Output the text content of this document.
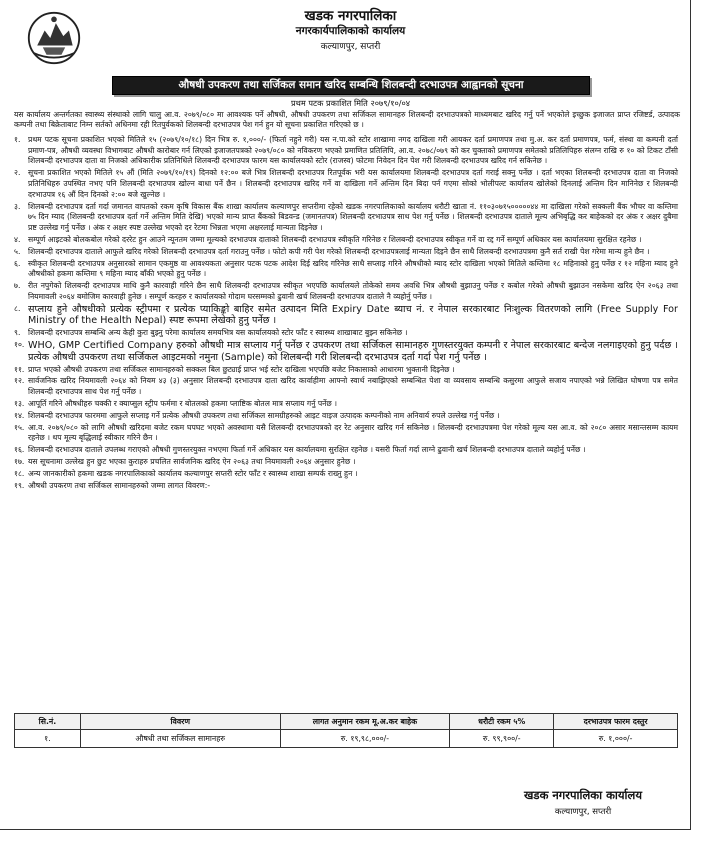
खडक नगरपालिका
नगरकार्यपालिकाको कार्यालय
कल्याणपुर, सप्तरी
औषधी उपकरण तथा सर्जिकल समान खरिद सम्बन्धि शिलबन्दी दरभाउपत्र आह्वानको सूचना
प्रथम पटक प्रकाशित मिति २०७९/१०/०४
यस कार्यालय अन्तर्गतका स्वास्थ्य संस्थाको लागि चालु आ.व. २०७९/०८० मा आवश्यक पर्ने औषधी, औषधी उपकरण तथा सर्जिकल सामानहरु शिलबन्दी दरभाउपत्रको माध्यमबाट खरिद गर्नु पर्ने भएकोले इच्छुक इजाजत प्राप्त रजिष्टर्ड, उत्पादक कम्पनी तथा बिक्रेताबाट निम्न सर्तको अधिनमा रही रितपुर्वकको शिलबन्दी दरभाउपत्र पेश गर्न हुन यो सूचना प्रकाशित गरिएको छ ।
१.	प्रथम पटक सूचना प्रकाशित भएको मितिले १५ (२०७९/१०/१८) दिन भित्र रु. १,०००/- (फिर्ता नहुने गरी) यस न.पा.को स्टोर शाखामा नगद दाखिला गरी आयकर दर्ता प्रमाणपत्र तथा मु.अ. कर दर्ता प्रमाणपत्र, फर्म, संस्था वा कम्पनी दर्ता प्रमाण-पत्र, औषधी व्यवस्था विभागबाट औषधी कारोबार गर्न लिएको इजाजतपत्रको २०७९/०८० को नविकरण भएको प्रमाणित प्रतिलिपि, आ.व. २०७८/०७९ को कर चुक्ताको प्रमाणपत्र समेतको प्रतिलिपिहरु संलग्न राखि रु १० को टिकट टाँसी शिलबन्दी दरभाउपत्र दाता वा निजको अधिकारीक प्रतिनिधिले शिलबन्दी दरभाउपत्र फारम यस कार्यालयको स्टोर (राजस्व) फोटमा निवेदन दिन पेश गरी शिलबन्दी दरभाउपत्र खरिद गर्न सकिनेछ ।
२.	सूचना प्रकाशित भएको मितिले १५ औं (मिति २०७९/१०/१९) दिनको १२:०० बजे भित्र शिलबन्दी दरभाउपत्र रितपूर्वक भरी यस कार्यालयमा शिलबन्दी दरभाउपत्र दर्ता गराई सक्नु पर्नेछ । दर्ता भएका शिलबन्दी दरभाउपत्र दाता वा निजको प्रतिनिधिहरु उपस्थित नभए पनि शिलबन्दी दरभाउपत्र खोल्न बाधा पर्ने छैन । शिलबन्दी दरभाउपत्र खरिद गर्ने वा दाखिला गर्ने अन्तिम दिन बिदा पर्न गएमा सोको भोलीपल्ट कार्यालय खोलेको दिनलाई अन्तिम दिन मानिनेछ र शिलबन्दी दरभाउपत्र १६ औं दिन दिनको २:०० बजे खुल्नेछ ।
३.	शिलबन्दी दरभाउपत्र दर्ता गर्दा जमानत वापतको रकम कृषि विकास बैंक शाखा कार्यालय कल्याणपुर सप्तरीमा रहेको खडक नगरपालिकाको कार्यालय धरौटी खाता नं. ११०३०७१५०००००४४ मा दाखिला गरेको सक्कली बैंक भौचर वा कम्तिमा ७५ दिन म्याद (शिलबन्दी दरभाउपत्र दर्ता गर्ने अन्तिम मिति देखि) भएको मान्य प्राप्त बैंकको बिडवन्ड (जमानतपत्र) शिलबन्दी दरभाउपत्र साथ पेश गर्नु पर्नेछ । शिलबन्दी दरभाउपत्र दाताले मूल्य अभिबृद्धि कर बाहेकको दर अंक र अक्षर दुबैमा प्रष्ट उल्लेख गर्नु पर्नेछ । अंक र अक्षर स्पष्ट उल्लेख भएको दर रेटमा भिन्नता भएमा अक्षरलाई मान्यता दिइनेछ ।
४.	सम्पूर्ण आइटको बोलकबोल गरेको दररेट हुन आउने न्यूनतम जम्मा मूल्यको दरभाउपत्र दाताको शिलबन्दी दरभाउपत्र स्वीकृति गरिनेछ र शिलबन्दी दरभाउपत्र स्वीकृत गर्ने वा रद्द गर्ने सम्पूर्ण अधिकार यस कार्यालयमा सुरक्षित रहनेछ ।
५.	शिलबन्दी दरभाउपत्र दाताले आफुले खरिद गरेको शिलबन्दी दरभाउपत्र दर्ता गराउनु पर्नेछ । फोटो कपी गरी पेश गरेको शिलबन्दी दरभाउपत्रलाई मान्यता दिइने छैन साथै शिलबन्दी दरभाउपत्रमा कुनै सर्त राखी पेश गरेमा मान्य हुने छैन ।
६.	स्वीकृत शिलबन्दी दरभाउपत्र अनुसारको सामान एकमुष्ठ वा आवश्यकता अनुसार पटक पटक आदेश दिई खरिद गरिनेछ साथै सप्लाइ गरिने औषधीको म्याद स्टोर दाखिला भएको मितिले कम्तिमा १८ महिनाको हुनु पर्नेछ र १२ महिना म्याद हुने औषधीको हकमा कम्तिमा ९ महिना म्याद बाँकी भएको हुनु पर्नेछ ।
७.	रीत नपुगेको शिलबन्दी दरभाउपत्र माथि कुनै कारवाही गरिने छैन साथै शिलबन्दी दरभाउपत्र स्वीकृत भएपछि कार्यालयले तोकेको समय अवधि भित्र औषधी बुझाउनु पर्नेछ र कबोल गरेको औषधी बुझाउन नसकेमा खरिद ऐन २०६३ तथा नियमावली २०६४ बमोजिम कारवाही हुनेछ । सम्पूर्ण करहरु र कार्यालयको गोदाम घरसम्मको ढुवानी खर्च शिलबन्दी दरभाउपत्र दाताले नै व्यहोर्नु पर्नेछ ।
८. सप्लाय हुने औषधीको प्रत्येक स्ट्रीपमा र प्रत्येक प्याकिङ्को बाहिर समेत उत्पादन मिति Expiry Date ब्याच नं. र नेपाल सरकारबाट निःशुल्क वितरणको लागि (Free Supply For Ministry of the Health Nepal) स्पष्ट रूपमा लेखेको हुनु पर्नेछ ।
९.	शिलबन्दी दरभाउपत्र सम्बन्धि अन्य केही कुरा बुझ्नु परेमा कार्यालय समयभित्र यस कार्यालयको स्टोर फाँट र स्वास्थ्य शाखाबाट बुझ्न सकिनेछ ।
१०. WHO, GMP Certified Company हरुको औषधी मात्र सप्लाय गर्नु पर्नेछ र उपकरण तथा सर्जिकल सामानहरु गुणस्तरयुक्त कम्पनी र नेपाल सरकारबाट बन्देज नलगाइएको हुनु पर्दछ । प्रत्येक औषधी उपकरण तथा सर्जिकल आइटमको नमुना (Sample) को शिलबन्दी गरी शिलबन्दी दरभाउपत्र दर्ता गर्दा पेश गर्नु पर्नेछ ।
११. प्राप्त भएको औषधी उपकरण तथा सर्जिकल सामानहरुको सक्कल बिल छुट्याई प्राप्त भई स्टोर दाखिला भएपछि बजेट निकासाको आधारमा भुक्तानी दिइनेछ ।
१२. सार्वजनिक खरिद नियमावली २०६४ को नियम ४३ (३) अनुसार शिलबन्दी दरभाउपत्र दाता खरिद कार्वाहीमा आफ्नो स्वार्थ नबाझिएको सम्बन्धित पेशा वा व्यवसाय सम्बन्धि कसुरमा आफुले सजाय नपाएको भन्ने लिखित घोषणा पत्र समेत शिलबन्दी दरभाउपत्र साथ पेश गर्नु पर्नेछ ।
१३. आपूर्ति गरिने औषधीहरु चक्की र क्याप्सुल स्ट्रीप फर्ममा र बोतलको हकमा प्लाष्टिक बोतल मात्र सप्लाय गर्नु पर्नेछ ।
१४. शिलबन्दी दरभाउपत्र फारममा आफुले सप्लाइ गर्ने प्रत्येक औषधी उपकरण तथा सर्जिकल सामग्रीहरुको आइट वाइज उत्पादक कम्पनीको नाम अनिवार्य रुपले उल्लेख गर्नु पर्नेछ ।
१५. आ.व. २०७९/०८० को लागि औषधी खरिदमा बजेट रकम घपघट भएको अवस्थामा यसै शिलबन्दी दरभाउपत्रको दर रेट अनुसार खरिद गर्न सकिनेछ । शिलबन्दी दरभाउपत्रमा पेश गरेको मूल्य यस आ.व. को २०८० असार मसान्तसम्म कायम रहनेछ । थप मूल्य बृद्धिलाई स्वीकार गरिने छैन ।
१६. शिलबन्दी दरभाउपत्र दाताले उपलब्ध गराएको औषधी गुणस्तरयुक्त नभएमा फिर्ता गर्ने अधिकार यस कार्यालयमा सुरक्षित रहनेछ । यसरी फिर्ता गर्दा लाग्ने ढुवानी खर्च शिलबन्दी दरभाउपत्र दाताले व्यहोर्नु पर्नेछ ।
१७. यस सूचनामा उल्लेख हुन छुट भएका कुराहरु प्रचलित सार्वजनिक खरिद ऐन २०६३ तथा नियमावली २०६४ अनुसार हुनेछ ।
१८. अन्य जानकारीको हकमा खडक नगरपालिकाको कार्यालय कल्याणपुर सप्तरी स्टोर फाँट र स्वास्थ्य शाखा सम्पर्क राख्नु हुन ।
१९. औषधी उपकरण तथा सर्जिकल सामानहरुको जम्मा लागत विवरण:-
सि.नं.	विवरण	लागत अनुमान रकम मू.अ.कर बाहेक	धरौटी रकम ५%	दरभाउपत्र फारम दस्तुर
१.	औषधी तथा सर्जिकल सामानहरु	रु. १९,९८,०००/-	रु. ९९,९००/-	रु. १,०००/-
खडक नगरपालिका कार्यालय
कल्याणपुर, सप्तरी
